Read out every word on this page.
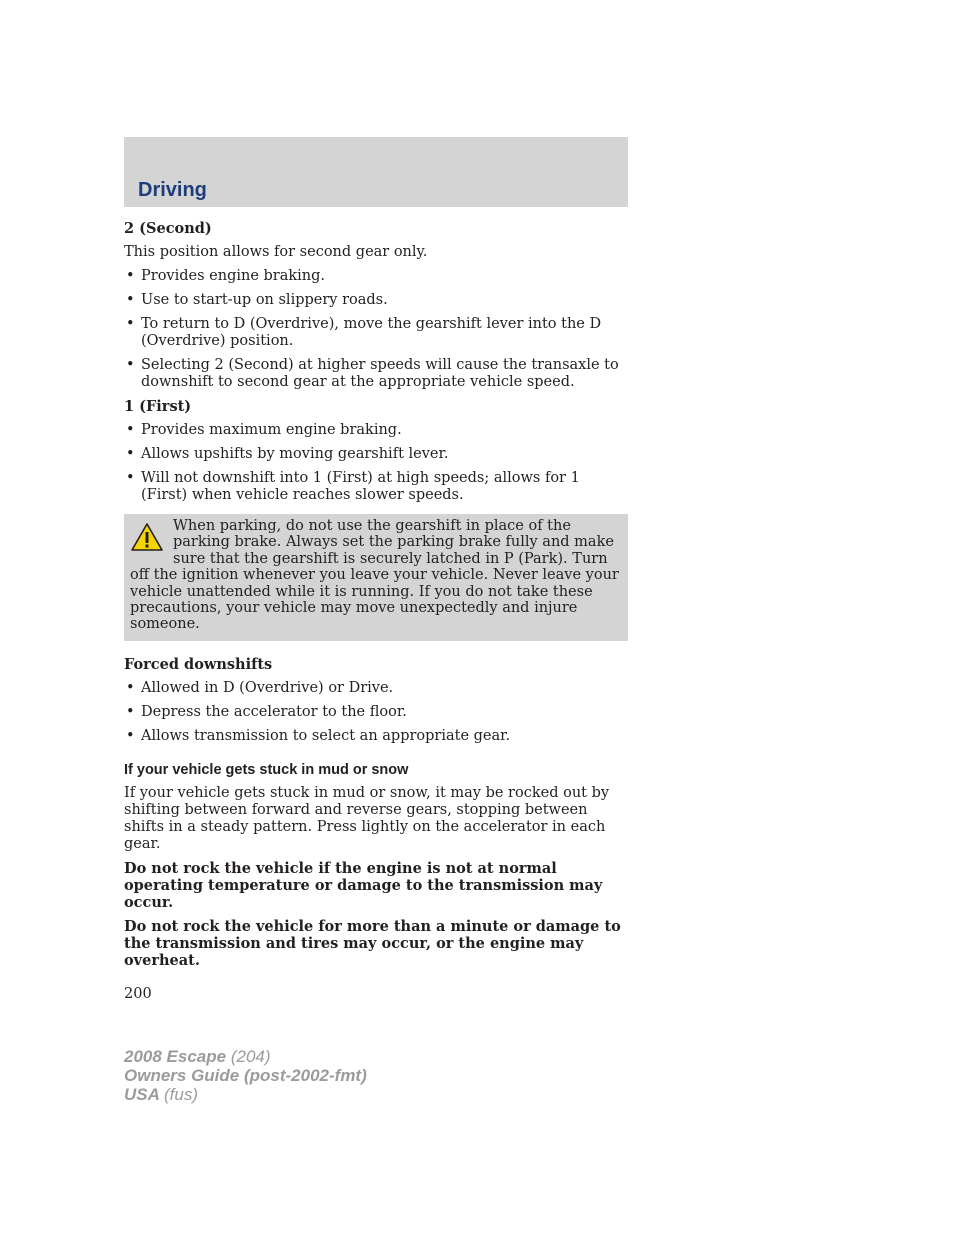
Driving

2 (Second)

This position allows for second gear only.

• Provides engine braking.
• Use to start-up on slippery roads.
• To return to D (Overdrive), move the gearshift lever into the D (Overdrive) position.
• Selecting 2 (Second) at higher speeds will cause the transaxle to downshift to second gear at the appropriate vehicle speed.

1 (First)

• Provides maximum engine braking.
• Allows upshifts by moving gearshift lever.
• Will not downshift into 1 (First) at high speeds; allows for 1 (First) when vehicle reaches slower speeds.
When parking, do not use the gearshift in place of the parking brake. Always set the parking brake fully and make sure that the gearshift is securely latched in P (Park). Turn off the ignition whenever you leave your vehicle. Never leave your vehicle unattended while it is running. If you do not take these precautions, your vehicle may move unexpectedly and injure someone.

Forced downshifts

• Allowed in D (Overdrive) or Drive.
• Depress the accelerator to the floor.
• Allows transmission to select an appropriate gear.
If your vehicle gets stuck in mud or snow

If your vehicle gets stuck in mud or snow, it may be rocked out by shifting between forward and reverse gears, stopping between shifts in a steady pattern. Press lightly on the accelerator in each gear.

Do not rock the vehicle if the engine is not at normal operating temperature or damage to the transmission may occur.

Do not rock the vehicle for more than a minute or damage to the transmission and tires may occur, or the engine may overheat.

200
2008 Escape (204)
Owners Guide (post-2002-fmt)
USA (fus)
